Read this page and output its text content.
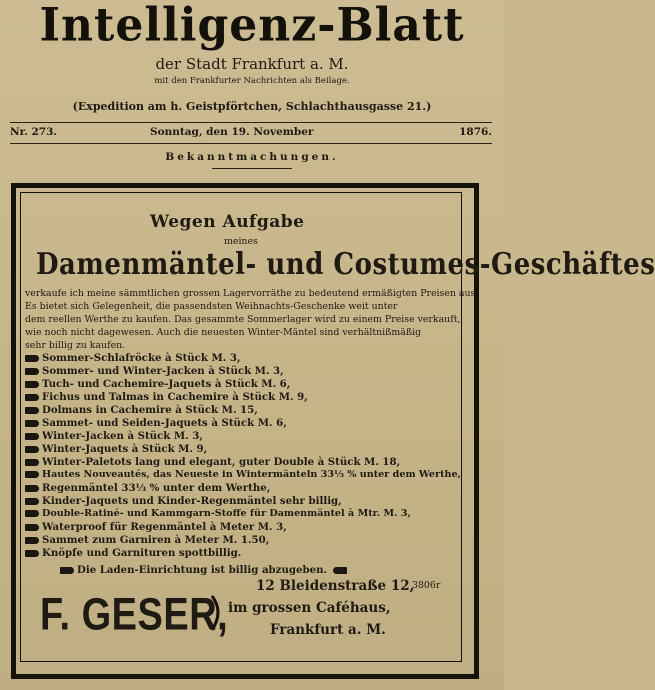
Intelligenz-Blatt
der Stadt Frankfurt a. M.
mit den Frankfurter Nachrichten als Beilage.
(Expedition am h. Geistpförtchen, Schlachthausgasse 21.)
Nr. 273.	Sonntag, den 19. November	1876.
Bekanntmachungen.
Wegen Aufgabe
meines
Damenmäntel- und Costumes-Geschäftes
verkaufe ich meine sämmtlichen grossen Lagervorräthe zu bedeutend ermäßigten Preisen aus.
Es bietet sich Gelegenheit, die passendsten Weihnachts-Geschenke weit unter
dem reellen Werthe zu kaufen. Das gesammte Sommerlager wird zu einem Preise verkauft,
wie noch nicht dagewesen. Auch die neuesten Winter-Mäntel sind verhältnißmäßig
sehr billig zu kaufen.
Sommer-Schlafröcke à Stück M. 3,
Sommer- und Winter-Jacken à Stück M. 3,
Tuch- und Cachemire-Jaquets à Stück M. 6,
Fichus und Talmas in Cachemire à Stück M. 9,
Dolmans in Cachemire à Stück M. 15,
Sammet- und Seiden-Jaquets à Stück M. 6,
Winter-Jacken à Stück M. 3,
Winter-Jaquets à Stück M. 9,
Winter-Paletots lang und elegant, guter Double à Stück M. 18,
Hautes Nouveautés, das Neueste in Wintermänteln 33⅓ % unter dem Werthe,
Regenmäntel 33⅓ % unter dem Werthe,
Kinder-Jaquets und Kinder-Regenmäntel sehr billig,
Double-Ratiné- und Kammgarn-Stoffe für Damenmäntel à Mtr. M. 3,
Waterproof für Regenmäntel à Meter M. 3,
Sammet zum Garniren à Meter M. 1.50,
Knöpfe und Garnituren spottbillig.
Die Laden-Einrichtung ist billig abzugeben.
3806r
F. GESER,
12 Bleidenstraße 12,
im grossen Caféhaus,
Frankfurt a. M.
